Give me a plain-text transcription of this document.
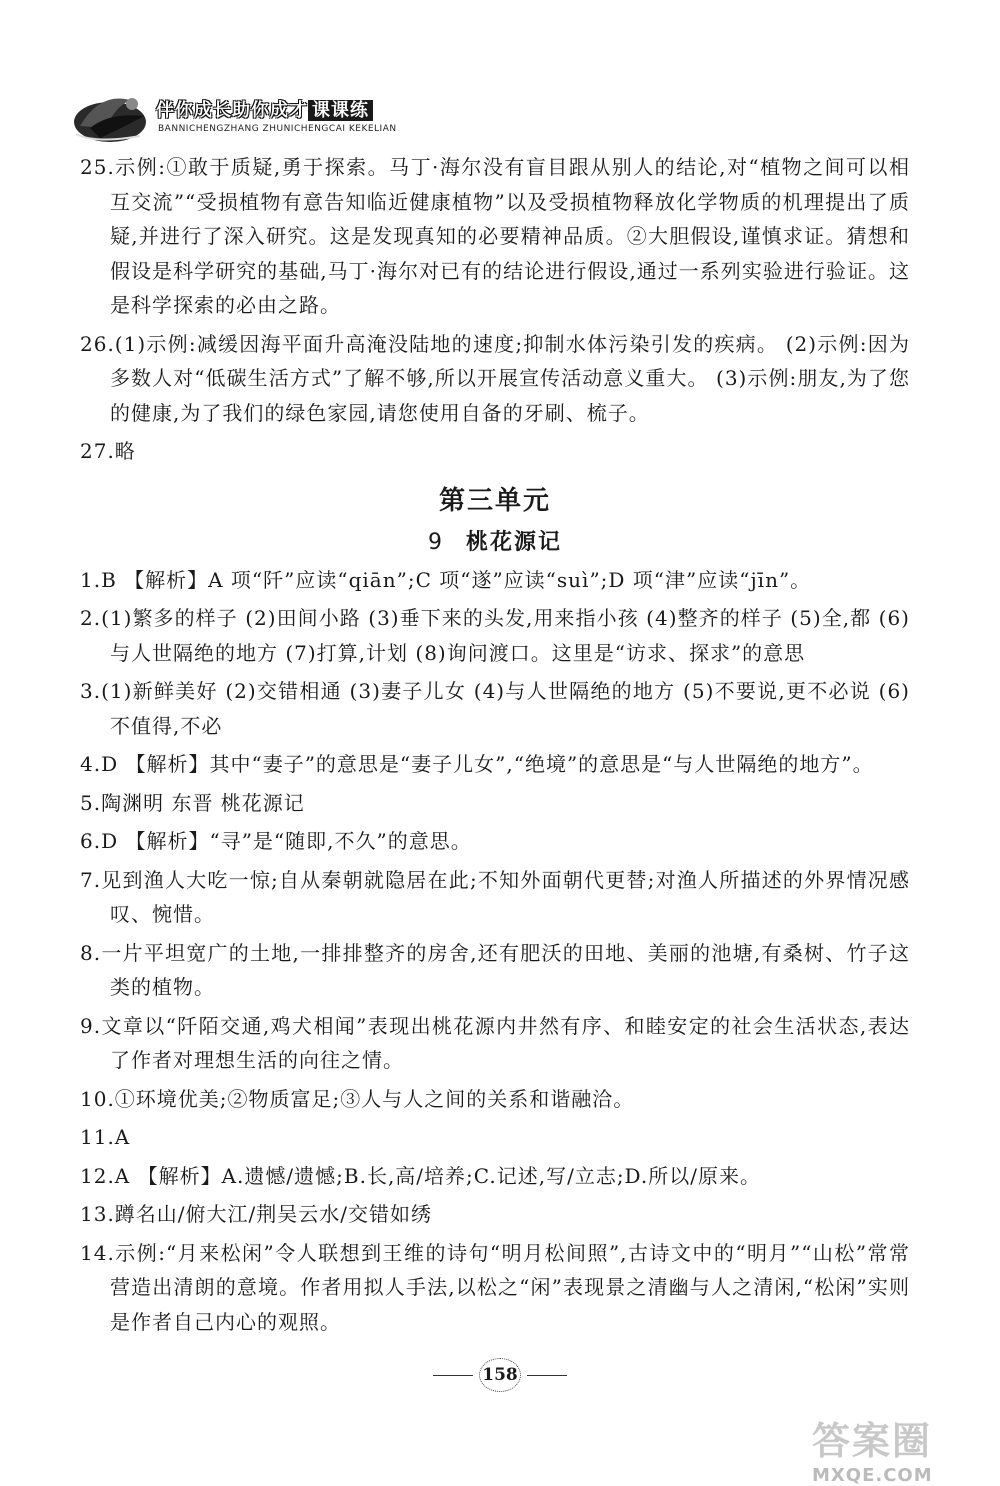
伴你成长助你成才 课课练
BANNICHENGZHANG ZHUNICHENGCAI KEKELIAN

25.示例:①敢于质疑,勇于探索。马丁·海尔没有盲目跟从别人的结论,对“植物之间可以相互交流”“受损植物有意告知临近健康植物”以及受损植物释放化学物质的机理提出了质疑,并进行了深入研究。这是发现真知的必要精神品质。②大胆假设,谨慎求证。猜想和假设是科学研究的基础,马丁·海尔对已有的结论进行假设,通过一系列实验进行验证。这是科学探索的必由之路。

26.(1)示例:减缓因海平面升高淹没陆地的速度;抑制水体污染引发的疾病。 (2)示例:因为多数人对“低碳生活方式”了解不够,所以开展宣传活动意义重大。 (3)示例:朋友,为了您的健康,为了我们的绿色家园,请您使用自备的牙刷、梳子。

27.略

第三单元
9 桃花源记

1.B 【解析】A 项“阡”应读“qiān”;C 项“遂”应读“suì”;D 项“津”应读“jīn”。

2.(1)繁多的样子 (2)田间小路 (3)垂下来的头发,用来指小孩 (4)整齐的样子 (5)全,都 (6)与人世隔绝的地方 (7)打算,计划 (8)询问渡口。这里是“访求、探求”的意思

3.(1)新鲜美好 (2)交错相通 (3)妻子儿女 (4)与人世隔绝的地方 (5)不要说,更不必说 (6)不值得,不必

4.D 【解析】其中“妻子”的意思是“妻子儿女”,“绝境”的意思是“与人世隔绝的地方”。

5.陶渊明 东晋 桃花源记

6.D 【解析】“寻”是“随即,不久”的意思。

7.见到渔人大吃一惊;自从秦朝就隐居在此;不知外面朝代更替;对渔人所描述的外界情况感叹、惋惜。

8.一片平坦宽广的土地,一排排整齐的房舍,还有肥沃的田地、美丽的池塘,有桑树、竹子这类的植物。

9.文章以“阡陌交通,鸡犬相闻”表现出桃花源内井然有序、和睦安定的社会生活状态,表达了作者对理想生活的向往之情。

10.①环境优美;②物质富足;③人与人之间的关系和谐融洽。

11.A

12.A 【解析】A.遗憾/遗憾;B.长,高/培养;C.记述,写/立志;D.所以/原来。

13.蹲名山/俯大江/荆吴云水/交错如绣

14.示例:“月来松闲”令人联想到王维的诗句“明月松间照”,古诗文中的“明月”“山松”常常营造出清朗的意境。作者用拟人手法,以松之“闲”表现景之清幽与人之清闲,“松闲”实则是作者自己内心的观照。

158
答案圈
MXQE.COM
